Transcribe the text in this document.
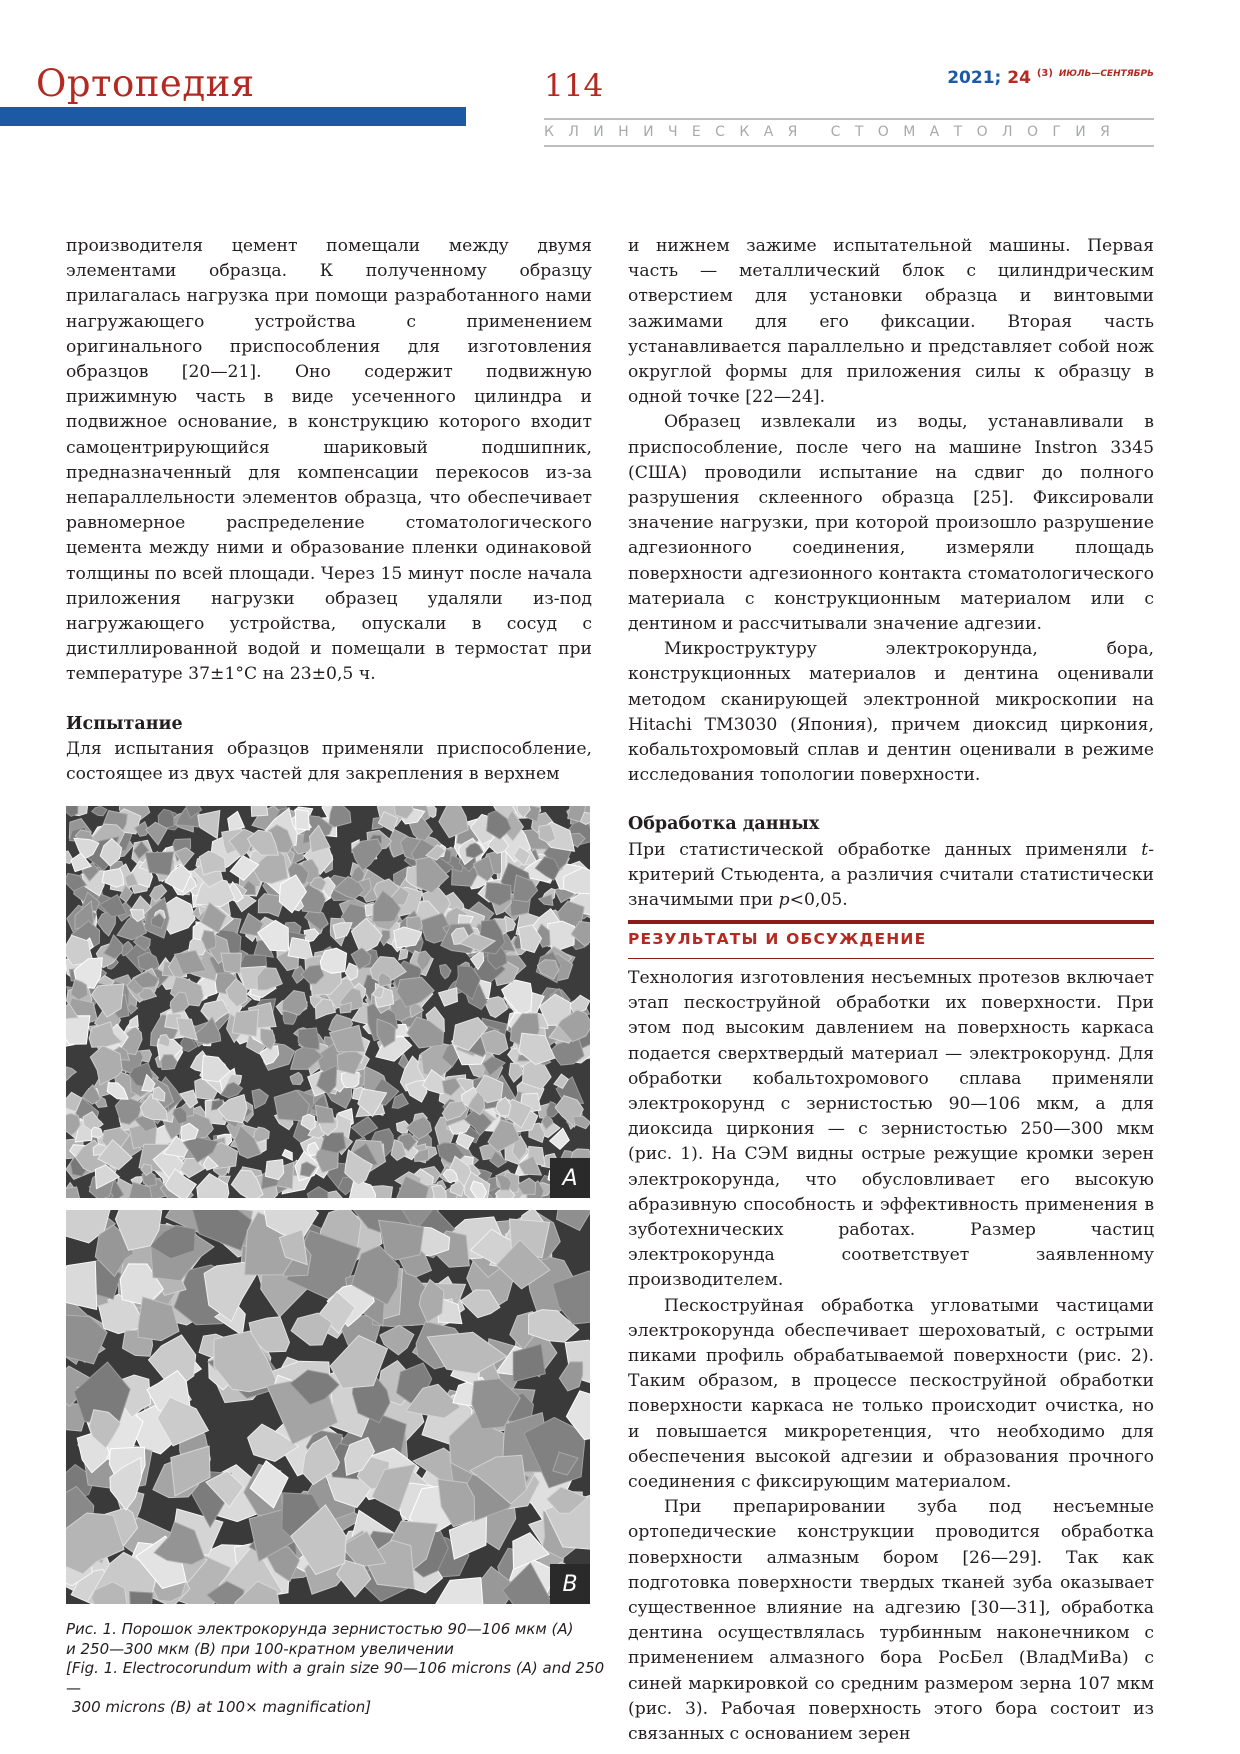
Ортопедия	114	2021; 24 $^{(3)}$ $^{ИЮЛЬ—СЕНТЯБРЬ}$
КЛИНИЧЕСКАЯ СТОМАТОЛОГИЯ

производителя цемент помещали между двумя элементами образца. К полученному образцу прилагалась нагрузка при помощи разработанного нами нагружающего устройства с применением оригинального приспособления для изготовления образцов [20—21]. Оно содержит подвижную прижимную часть в виде усеченного цилиндра и подвижное основание, в конструкцию которого входит самоцентрирующийся шариковый подшипник, предназначенный для компенсации перекосов из-за непараллельности элементов образца, что обеспечивает равномерное распределение стоматологического цемента между ними и образование пленки одинаковой толщины по всей площади. Через 15 минут после начала приложения нагрузки образец удаляли из-под нагружающего устройства, опускали в сосуд с дистиллированной водой и помещали в термостат при температуре 37±1°C на 23±0,5 ч.

Испытание

Для испытания образцов применяли приспособление, состоящее из двух частей для закрепления в верхнем

и нижнем зажиме испытательной машины. Первая часть — металлический блок с цилиндрическим отверстием для установки образца и винтовыми зажимами для его фиксации. Вторая часть устанавливается параллельно и представляет собой нож округлой формы для приложения силы к образцу в одной точке [22—24].

Образец извлекали из воды, устанавливали в приспособление, после чего на машине Instron 3345 (США) проводили испытание на сдвиг до полного разрушения склеенного образца [25]. Фиксировали значение нагрузки, при которой произошло разрушение адгезионного соединения, измеряли площадь поверхности адгезионного контакта стоматологического материала с конструкционным материалом или с дентином и рассчитывали значение адгезии.

Микроструктуру электрокорунда, бора, конструкционных материалов и дентина оценивали методом сканирующей электронной микроскопии на Hitachi TM3030 (Япония), причем диоксид циркония, кобальтохромовый сплав и дентин оценивали в режиме исследования топологии поверхности.

Обработка данных

При статистической обработке данных применяли t-критерий Стьюдента, а различия считали статистически значимыми при p<0,05.

РЕЗУЛЬТАТЫ И ОБСУЖДЕНИЕ

Технология изготовления несъемных протезов включает этап пескоструйной обработки их поверхности. При этом под высоким давлением на поверхность каркаса подается сверхтвердый материал — электрокорунд. Для обработки кобальтохромового сплава применяли электрокорунд с зернистостью 90—106 мкм, а для диоксида циркония — с зернистостью 250—300 мкм (рис. 1). На СЭМ видны острые режущие кромки зерен электрокорунда, что обусловливает его высокую абразивную способность и эффективность применения в зуботехнических работах. Размер частиц электрокорунда соответствует заявленному производителем.

Пескоструйная обработка угловатыми частицами электрокорунда обеспечивает шероховатый, с острыми пиками профиль обрабатываемой поверхности (рис. 2). Таким образом, в процессе пескоструйной обработки поверхности каркаса не только происходит очистка, но и повышается микроретенция, что необходимо для обеспечения высокой адгезии и образования прочного соединения с фиксирующим материалом.

При препарировании зуба под несъемные ортопедические конструкции проводится обработка поверхности алмазным бором [26—29]. Так как подготовка поверхности твердых тканей зуба оказывает существенное влияние на адгезию [30—31], обработка дентина осуществлялась турбинным наконечником с применением алмазного бора РосБел (ВладМиВа) с синей маркировкой со средним размером зерна 107 мкм (рис. 3). Рабочая поверхность этого бора состоит из связанных с основанием зерен

A
B

Рис. 1. Порошок электрокорунда зернистостью 90—106 мкм (А)

и 250—300 мкм (B) при 100-кратном увеличении

[Fig. 1. Electrocorundum with a grain size 90—106 microns (A) and 250—

300 microns (B) at 100× magnification]
